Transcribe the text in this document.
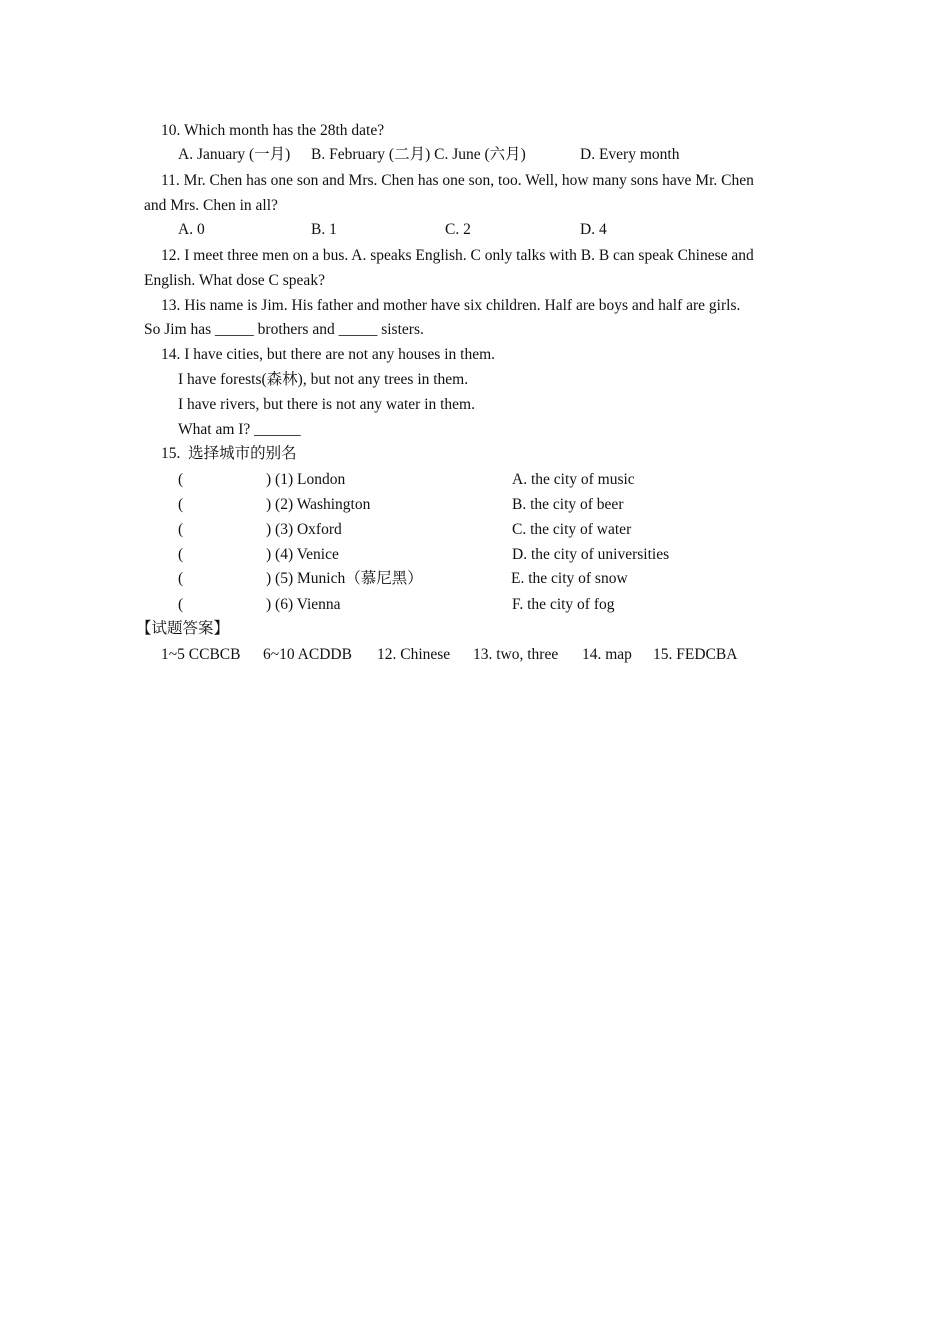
10. Which month has the 28th date?
A. January (一月) B. February (二月) C. June (六月)	D. Every month
11. Mr. Chen has one son and Mrs. Chen has one son, too. Well, how many sons have Mr. Chen
and Mrs. Chen in all?
A. 0	B. 1	C. 2	D. 4
12. I meet three men on a bus. A. speaks English. C only talks with B. B can speak Chinese and
English. What dose C speak?
13. His name is Jim. His father and mother have six children. Half are boys and half are girls.
So Jim has _____ brothers and _____ sisters.
14. I have cities, but there are not any houses in them.
I have forests(森林), but not any trees in them.
I have rivers, but there is not any water in them.
What am I? ______
15.  选择城市的别名
(	) (1) London	A. the city of music
(	) (2) Washington	B. the city of beer
(	) (3) Oxford	C. the city of water
(	) (4) Venice	D. the city of universities
(	) (5) Munich（慕尼黑）	E. the city of snow
(	) (6) Vienna	F. the city of fog
【试题答案】
1~5 CCBCB 6~10 ACDDB 12. Chinese 13. two, three 14. map 15. FEDCBA
